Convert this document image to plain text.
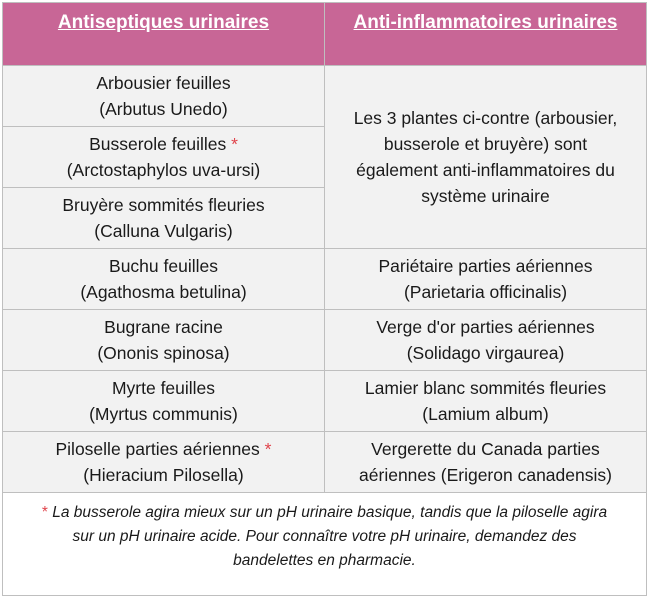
Antiseptiques urinaires	Anti-inflammatoires urinaires

Arbousier feuilles
(Arbutus Unedo)	Les 3 plantes ci-contre (arbousier,
busserole et bruyère) sont
également anti-inflammatoires du
système urinaire

Busserole feuilles *
(Arctostaphylos uva-ursi)	

Bruyère sommités fleuries
(Calluna Vulgaris)	

Buchu feuilles
(Agathosma betulina)	Pariétaire parties aériennes
(Parietaria officinalis)

Bugrane racine
(Ononis spinosa)	Verge d'or parties aériennes
(Solidago virgaurea)

Myrte feuilles
(Myrtus communis)	Lamier blanc sommités fleuries
(Lamium album)

Piloselle parties aériennes *
(Hieracium Pilosella)	Vergerette du Canada parties
aériennes (Erigeron canadensis)

* La busserole agira mieux sur un pH urinaire basique, tandis que la piloselle agira
sur un pH urinaire acide. Pour connaître votre pH urinaire, demandez des
bandelettes en pharmacie.	
